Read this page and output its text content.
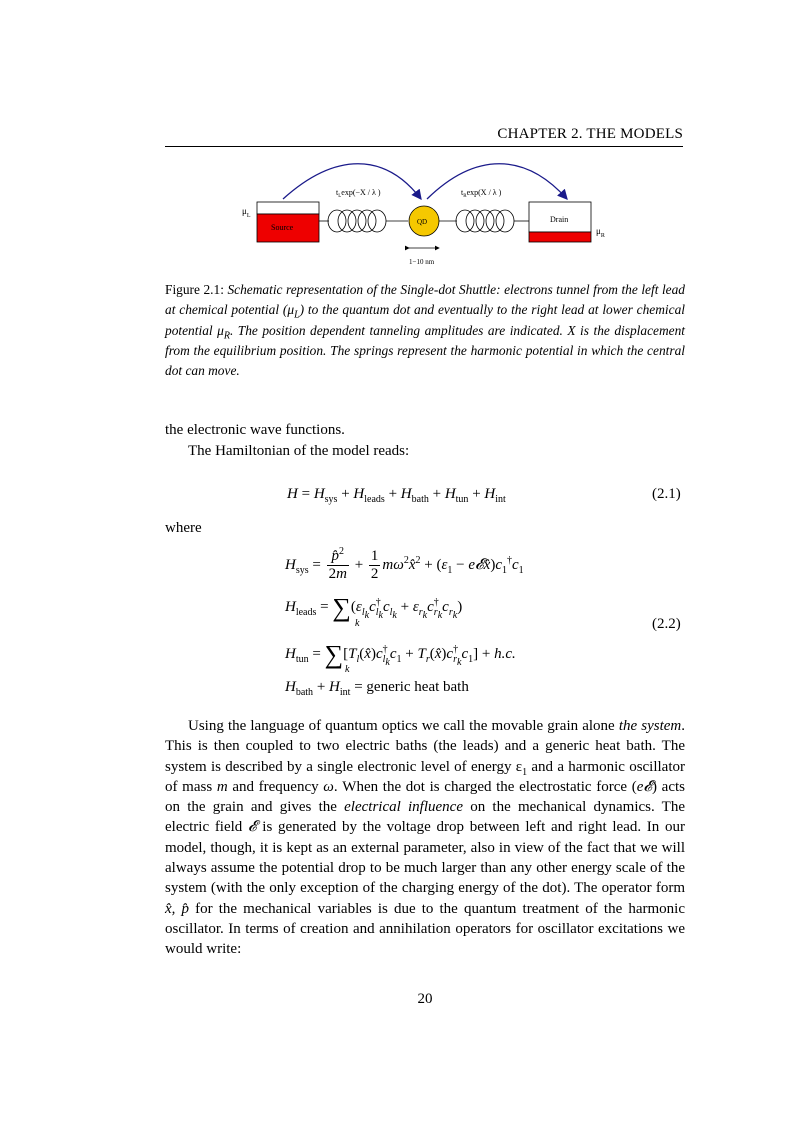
CHAPTER 2. THE MODELS
Source
$\mu_L$
$t_L\exp(-X / \lambda$ )
QD
$t_R\exp(X$ / λ )
Drain
$\mu_R$
1−10 nm
Figure 2.1: Schematic representation of the Single-dot Shuttle: electrons tunnel from the left lead at chemical potential $(\mu_L)$ to the quantum dot and eventually to the right lead at lower chemical potential $\mu_R$. The position dependent tanneling amplitudes are indicated. X is the displacement from the equilibrium position. The springs represent the harmonic potential in which the central dot can move.
the electronic wave functions.
The Hamiltonian of the model reads:
$H = H_{sys} + H_{leads} + H_{bath} + H_{tun} + H_{int}$	(2.1)
where
$H_{sys} = \frac{p̂^2}{2m} + \frac{1}{2}$ $m\omega^2x̂^2 + (\varepsilon_1$ − $e𝓔x̂)c_1^\dagger c_1$
$H_{leads} = \sum(\varepsilon_{l_k}c^\dagger_{l_k}c_{l_k} + \varepsilon_{r_k}c^\dagger_{r_k}c_{r_k})$
k	(2.2)
$H_{tun}$ = $\sum[T_l(x̂)c^\dagger_{l_k}c_1$ + $T_r(x̂)c^\dagger_{r_k}c_1] + h.c$.
k
$H_{bath} + H_{int}$ = generic heat bath
Using the language of quantum optics we call the movable grain alone the system. This is then coupled to two electric baths (the leads) and a generic heat bath. The system is described by a single electronic level of energy $\varepsilon_1$ and a harmonic oscillator of mass m and frequency ω. When the dot is charged the electrostatic force (e𝓔) acts on the grain and gives the electrical influence on the mechanical dynamics. The electric field 𝓔 is generated by the voltage drop between left and right lead. In our model, though, it is kept as an external parameter, also in view of the fact that we will always assume the potential drop to be much larger than any other energy scale of the system (with the only exception of the charging energy of the dot). The operator form x̂, p̂ for the mechanical variables is due to the quantum treatment of the harmonic oscillator. In terms of creation and annihilation operators for oscillator excitations we would write:
20
